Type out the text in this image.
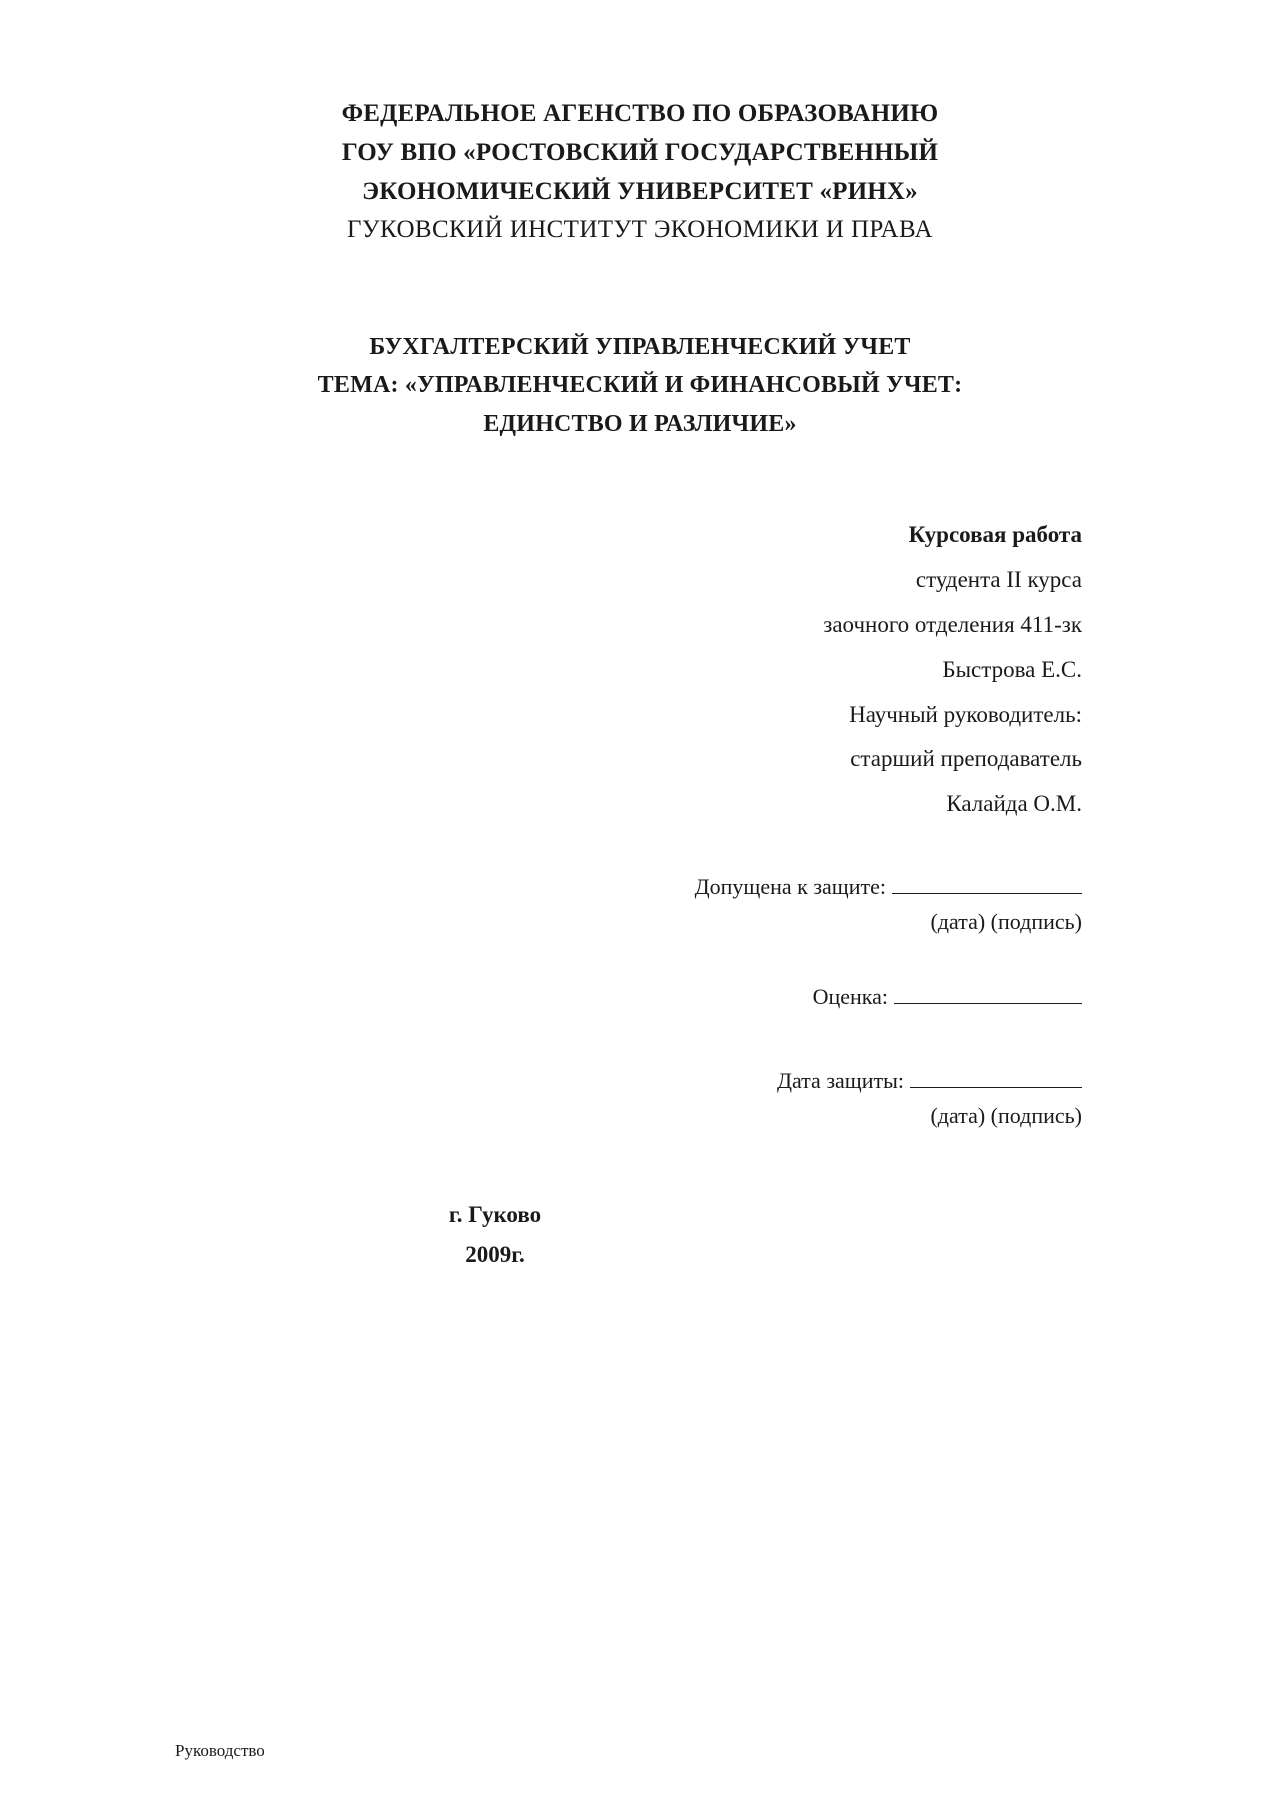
ФЕДЕРАЛЬНОЕ АГЕНСТВО ПО ОБРАЗОВАНИЮ
ГОУ ВПО «РОСТОВСКИЙ ГОСУДАРСТВЕННЫЙ
ЭКОНОМИЧЕСКИЙ УНИВЕРСИТЕТ «РИНХ»
ГУКОВСКИЙ ИНСТИТУТ ЭКОНОМИКИ И ПРАВА
БУХГАЛТЕРСКИЙ УПРАВЛЕНЧЕСКИЙ УЧЕТ
ТЕМА: «УПРАВЛЕНЧЕСКИЙ И ФИНАНСОВЫЙ УЧЕТ:
ЕДИНСТВО И РАЗЛИЧИЕ»
Курсовая работа
студента II курса
заочного отделения 411-зк
Быстрова Е.С.
Научный руководитель:
старший преподаватель
Калайда О.М.
Допущена к защите:
(дата) (подпись)
Оценка:
Дата защиты:
(дата) (подпись)
г. Гуково
2009г.
Руководство
